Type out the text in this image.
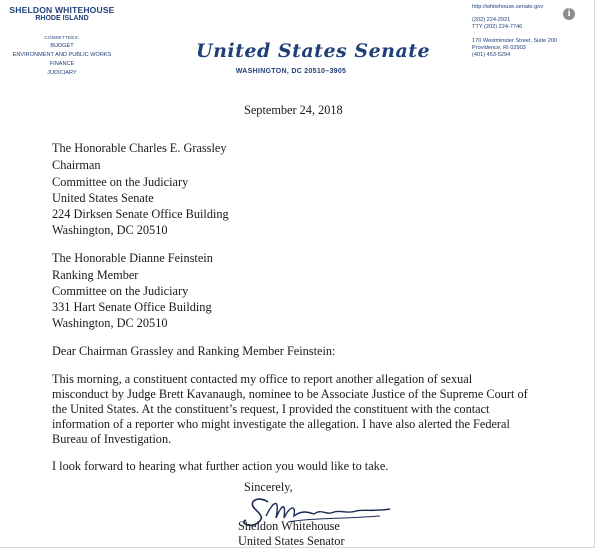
SHELDON WHITEHOUSE
RHODE ISLAND
COMMITTEES:
BUDGET
ENVIRONMENT AND PUBLIC WORKS
FINANCE
JUDICIARY
United States Senate
WASHINGTON, DC 20510–3905
http://whitehouse.senate.gov
(202) 224-2921
TTY (202) 224-7746
170 Westminster Street, Suite 200
Providence, RI 02903
(401) 453-5294
i
September 24, 2018
The Honorable Charles E. Grassley
Chairman
Committee on the Judiciary
United States Senate
224 Dirksen Senate Office Building
Washington, DC 20510
The Honorable Dianne Feinstein
Ranking Member
Committee on the Judiciary
331 Hart Senate Office Building
Washington, DC 20510
Dear Chairman Grassley and Ranking Member Feinstein:
This morning, a constituent contacted my office to report another allegation of sexual
misconduct by Judge Brett Kavanaugh, nominee to be Associate Justice of the Supreme Court of
the United States. At the constituent’s request, I provided the constituent with the contact
information of a reporter who might investigate the allegation. I have also alerted the Federal
Bureau of Investigation.
I look forward to hearing what further action you would like to take.
Sincerely,
Sheldon Whitehouse
United States Senator
